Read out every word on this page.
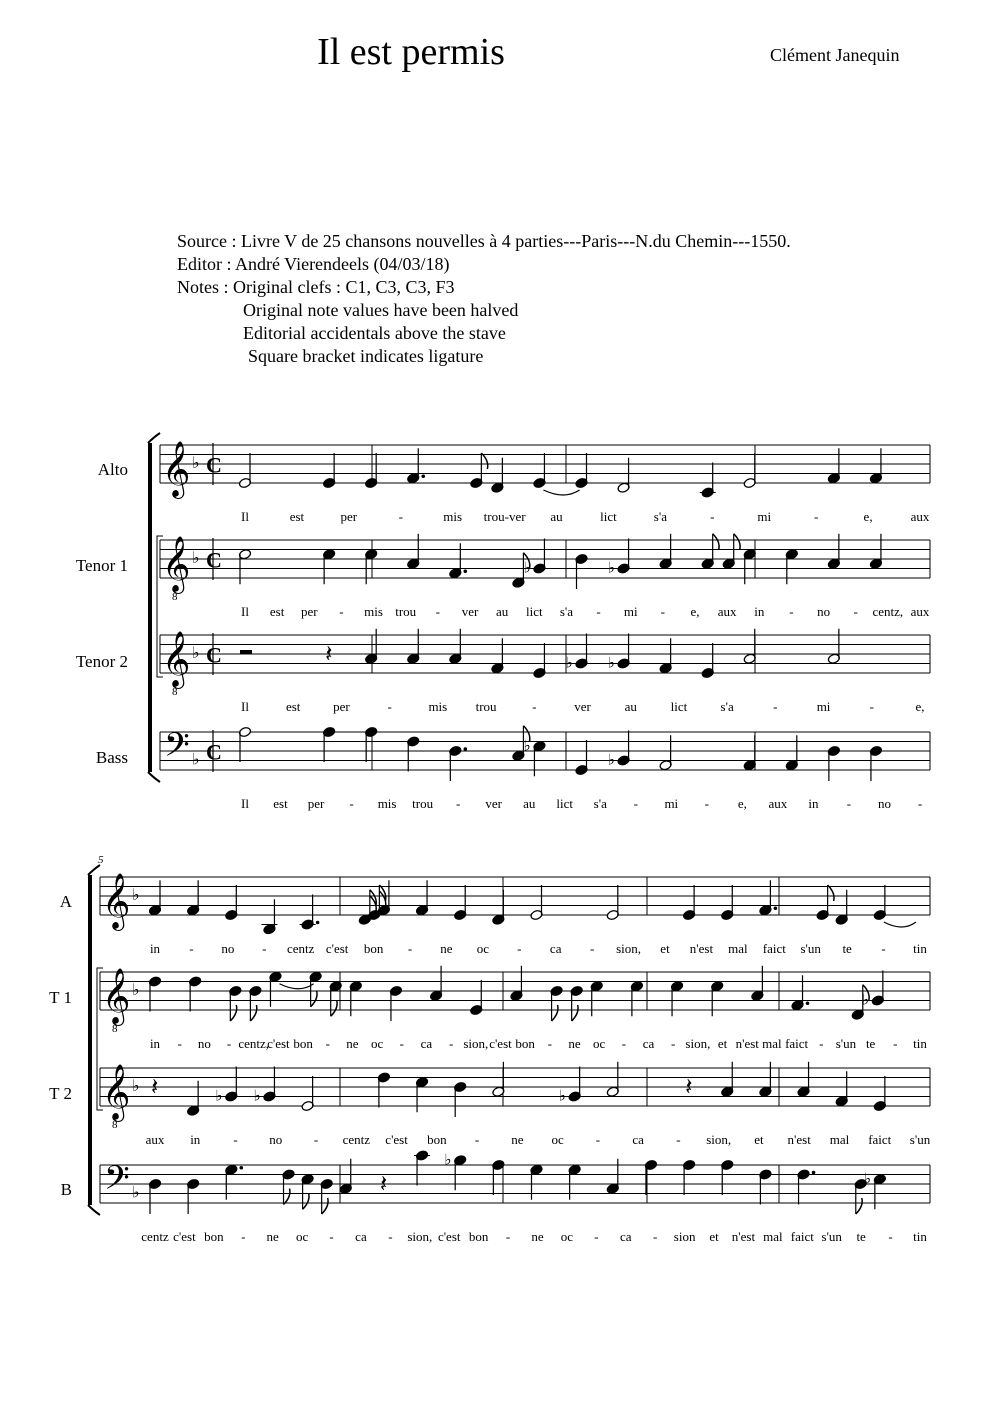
Il est permis	Clément Janequin
Source : Livre V de 25 chansons nouvelles à 4 parties---Paris---N.du Chemin---1550.
Editor : André Vierendeels (04/03/18)
Notes : Original clefs : C1, C3, C3, F3
Original note values have been halved
Editorial accidentals above the stave
Square bracket indicates ligature
Alto
Tenor 1
Tenor 2
Bass
A
T 1
T 2
B
𝄞 ♭ C
𝄞
8
♭ C	♭	♭
𝄞
8
♭ C	𝄽	♭ ♭
𝄢 ♭ C	♭
♭
5
𝄞 ♭
𝄞
8
♭
♭
𝄞
8
♭ 𝄽	♭ ♭	♭	𝄽
𝄢 ♭	𝄽
♭
♭
Il	est	per	-	mis trou-ver au	lict	s'a	-	mi	-	e,	aux
Il est per - mis trou - ver au lict s'a - mi - e, aux in - no - centz, aux
Il	est	per	-	mis trou	-	ver	au	lict	s'a	-	mi	-	e,
Il est per - mis trou - ver au lict s'a - mi - e, aux in - no -
in - no - centz c'est bon - ne oc - ca - sion, et n'est mal faict s'un te - tin
in - no - centz,
c'est bon - ne oc - ca - sion, c'est bon - ne oc - ca - sion, et n'est mal faict - s'un te - tin
aux in	- no - centz c'est bon - ne oc - ca - sion, et n'est mal faict s'un
centz c'est bon - ne oc - ca - sion, c'est bon - ne oc - ca - sion et n'est mal faict s'un te - tin
